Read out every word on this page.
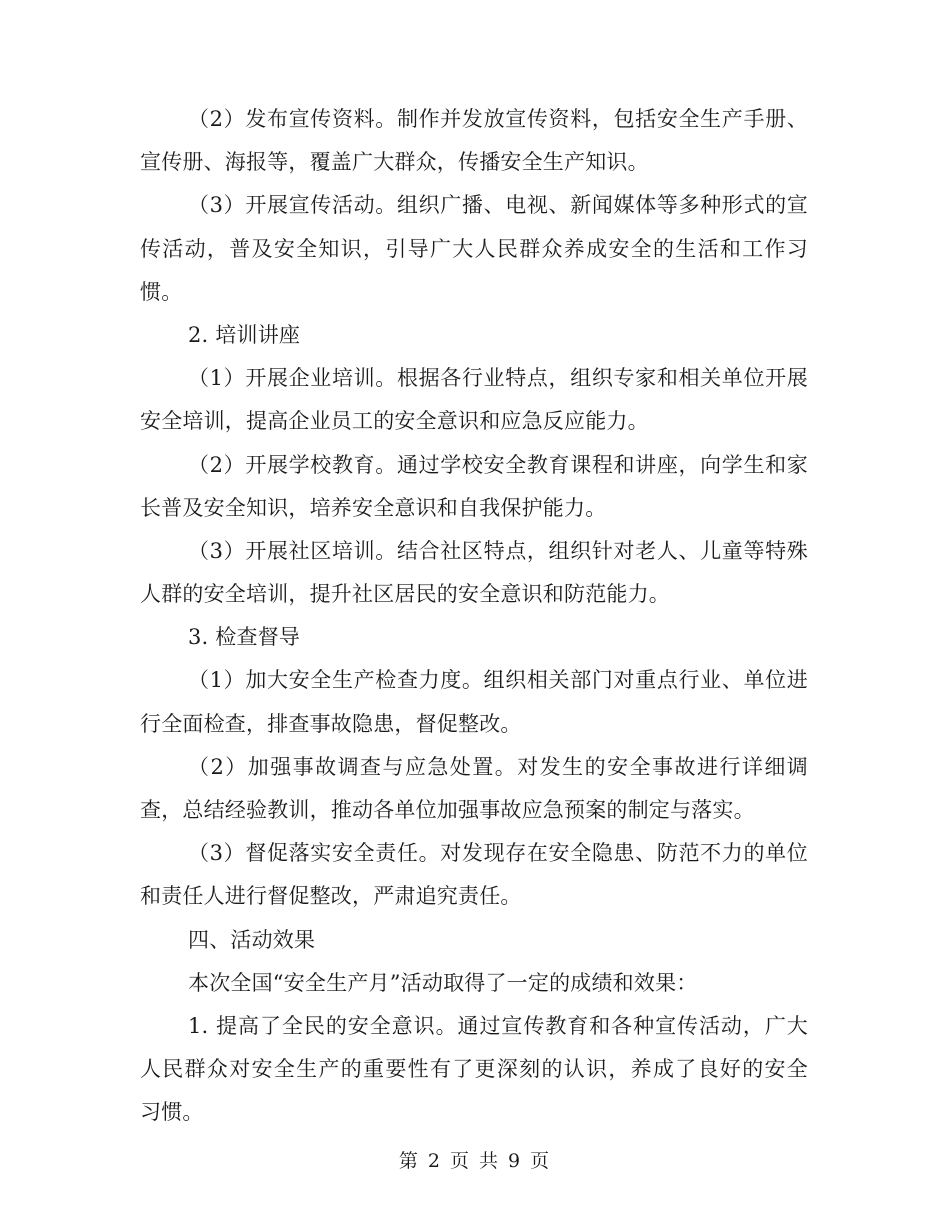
（2）发布宣传资料。制作并发放宣传资料，包括安全生产手册、
宣传册、海报等，覆盖广大群众，传播安全生产知识。
（3）开展宣传活动。组织广播、电视、新闻媒体等多种形式的宣
传活动，普及安全知识，引导广大人民群众养成安全的生活和工作习
惯。
2. 培训讲座
（1）开展企业培训。根据各行业特点，组织专家和相关单位开展
安全培训，提高企业员工的安全意识和应急反应能力。
（2）开展学校教育。通过学校安全教育课程和讲座，向学生和家
长普及安全知识，培养安全意识和自我保护能力。
（3）开展社区培训。结合社区特点，组织针对老人、儿童等特殊
人群的安全培训，提升社区居民的安全意识和防范能力。
3. 检查督导
（1）加大安全生产检查力度。组织相关部门对重点行业、单位进
行全面检查，排查事故隐患，督促整改。
（2）加强事故调查与应急处置。对发生的安全事故进行详细调
查，总结经验教训，推动各单位加强事故应急预案的制定与落实。
（3）督促落实安全责任。对发现存在安全隐患、防范不力的单位
和责任人进行督促整改，严肃追究责任。
四、活动效果
本次全国“安全生产月”活动取得了一定的成绩和效果：
1. 提高了全民的安全意识。通过宣传教育和各种宣传活动，广大
人民群众对安全生产的重要性有了更深刻的认识，养成了良好的安全
习惯。
第 2 页 共 9 页
